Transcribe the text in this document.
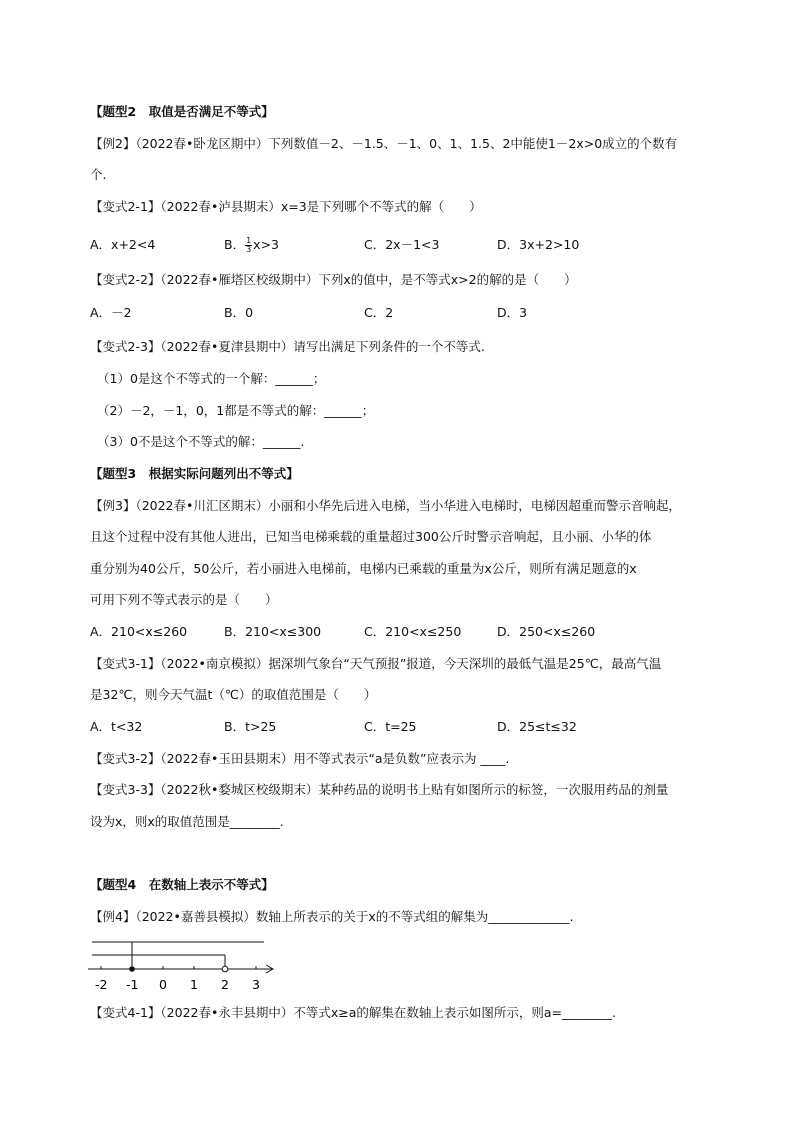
【题型2　取值是否满足不等式】
【例2】（2022春•卧龙区期中）下列数值－2、－1.5、－1、0、1、1.5、2中能使1－2x>0成立的个数有
个.
【变式2-1】（2022春•泸县期末）x=3是下列哪个不等式的解（　　）
A．x+2<4	B． $\frac{1}{3} x>3$	C．2x－1<3	D．3x+2>10
【变式2-2】（2022春•雁塔区校级期中）下列x的值中，是不等式x>2的解的是（　　）
A．－2	B．0	C．2	D．3
【变式2-3】（2022春•夏津县期中）请写出满足下列条件的一个不等式.
（1）0是这个不等式的一个解：______；
（2）－2，－1，0，1都是不等式的解：______；
（3）0不是这个不等式的解：______.
【题型3　根据实际问题列出不等式】
【例3】（2022春•川汇区期末）小丽和小华先后进入电梯，当小华进入电梯时，电梯因超重而警示音响起，
且这个过程中没有其他人进出，已知当电梯乘载的重量超过300公斤时警示音响起，且小丽、小华的体
重分别为40公斤，50公斤，若小丽进入电梯前，电梯内已乘载的重量为x公斤，则所有满足题意的x
可用下列不等式表示的是（　　）
A．210<x≤260	B．210<x≤300	C．210<x≤250	D．250<x≤260
【变式3-1】（2022•南京模拟）据深圳气象台“天气预报”报道，今天深圳的最低气温是25℃，最高气温
是32℃，则今天气温t（℃）的取值范围是（　　）
A．t<32	B．t>25	C．t=25	D．25≤t≤32
【变式3-2】（2022春•玉田县期末）用不等式表示“a是负数”应表示为 ____.
【变式3-3】（2022秋•婺城区校级期末）某种药品的说明书上贴有如图所示的标签，一次服用药品的剂量
设为x，则x的取值范围是________.
【题型4　在数轴上表示不等式】
【例4】（2022•嘉善县模拟）数轴上所表示的关于x的不等式组的解集为_____________.
-2 -1 0 1 2 3
【变式4-1】（2022春•永丰县期中）不等式x≥a的解集在数轴上表示如图所示，则a=________.
